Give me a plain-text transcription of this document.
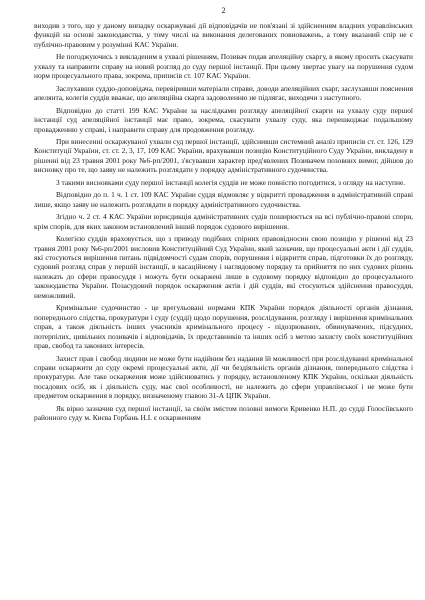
2

виходив з того, що у даному випадку оскаржувані дії відповідачів не пов'язані зі здійсненням владних управлінських функцій на основі законодавства, у тому числі на виконання делегованих повноважень, а тому вказаний спір не є публічно-правовим у розумінні КАС України.

Не погоджуючись з викладеним в ухвалі рішенням, Позивач подав апеляційну скаргу, в якому просить скасувати ухвалу та направити справу на новий розгляд до суду першої інстанції. При цьому звертає увагу на порушення судом норм процесуального права, зокрема, приписів ст. 107 КАС України.

Заслухавши суддю-доповідача, перевіривши матеріали справи, доводи апеляційних скарг, заслухавши пояснення апелянта, колегія суддів вважає, що апеляційна скарга задоволенню не підлягає, виходячи з наступного.

Відповідно до статті 199 КАС України за наслідками розгляду апеляційної скарги на ухвалу суду першої інстанції суд апеляційної інстанції має право, зокрема, скасувати ухвалу суду, яка перешкоджає подальшому провадженню у справі, і направити справу для продовження розгляду.

При винесенні оскаржуваної ухвали суд першої інстанції, здійснивши системний аналіз приписів ст. ст. 126, 129 Конституції України, ст. ст. 2, 3, 17, 109 КАС України, врахувавши позицію Конституційного Суду України, викладену в рішенні від 23 травня 2001 року №6-рп/2001, з'ясувавши характер пред'явлених Позивачем позовних вимог, дійшов до висновку про те, що заяву не належить розглядати у порядку адміністративного судочинства.

З такими висновками суду першої інстанції колегія суддів не може повністю погодитися, з огляду на наступне.

Відповідно до п. 1 ч. 1 ст. 109 КАС України суддя відмовляє у відкритті провадження в адміністративній справі лише, якщо заяву не належить розглядати в порядку адміністративного судочинства.

Згідно ч. 2 ст. 4 КАС України юрисдикція адміністративних судів поширюється на всі публічно-правові спори, крім спорів, для яких законом встановлений інший порядок судового вирішення.

Колегією суддів враховується, що з приводу подібних спірних правовідносин свою позицію у рішенні від 23 травня 2001 року №6-рп/2001 висловив Конституційний Суд України, який зазначив, що процесуальні акти і дії суддів, які стосуються вирішення питань підвідомчості судам спорів, порушення і відкриття справ, підготовки їх до розгляду, судовий розгляд справ у першій інстанції, в касаційному і наглядовому порядку та прийняття по них судових рішень належать до сфери правосуддя і можуть бути оскаржені лише в судовому порядку відповідно до процесуального законодавства України. Позасудовий порядок оскарження актів і дій суддів, які стосуються здійснення правосуддя, неможливий.

Кримінальне судочинство - це врегульовані нормами КПК України порядок діяльності органів дізнання, попереднього слідства, прокуратури і суду (судді) щодо порушення, розслідування, розгляду і вирішення кримінальних справ, а також діяльність інших учасників кримінального процесу - підозрюваних, обвинувачених, підсудних, потерпілих, цивільних позивачів і відповідачів, їх представників та інших осіб з метою захисту своїх конституційних прав, свобод та законних інтересів.

Захист прав і свобод людини не може бути надійним без надання їй можливості при розслідуванні кримінальної справи оскаржити до суду окремі процесуальні акти, дії чи бездіяльність органів дізнання, попереднього слідства і прокуратури. Але таке оскарження може здійснюватись у порядку, встановленому КПК України, оскільки діяльність посадових осіб, як і діяльність суду, має свої особливості, не належить до сфери управлінської і не може бути предметом оскарження в порядку, визначеному главою 31-А ЦПК України.

Як вірно зазначив суд першої інстанції, за своїм змістом позовні вимоги Кривенко Н.П. до судді Голосіївського районного суду м. Києва Горбань Н.І. є оскарженням
